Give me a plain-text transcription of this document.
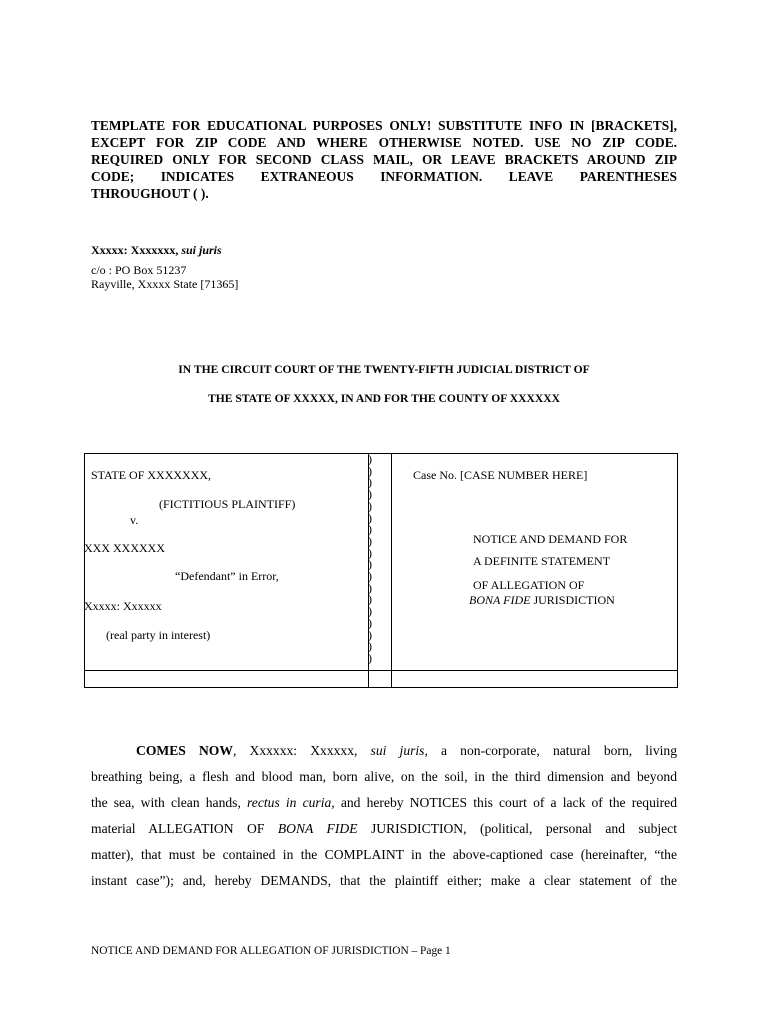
TEMPLATE FOR EDUCATIONAL PURPOSES ONLY! SUBSTITUTE INFO IN [BRACKETS],
EXCEPT FOR ZIP CODE AND WHERE OTHERWISE NOTED. USE NO ZIP CODE.
REQUIRED ONLY FOR SECOND CLASS MAIL, OR LEAVE BRACKETS AROUND ZIP
CODE; INDICATES EXTRANEOUS INFORMATION. LEAVE PARENTHESES
THROUGHOUT ( ).
Xxxxx: Xxxxxxx, sui juris
c/o : PO Box 51237
Rayville, Xxxxx State [71365]
IN THE CIRCUIT COURT OF THE TWENTY-FIFTH JUDICIAL DISTRICT OF
THE STATE OF XXXXX, IN AND FOR THE COUNTY OF XXXXXX
)
)
)
)
)
)
)
)
)
)
)
)
)
)
)
)
)
)
STATE OF XXXXXXX,
(FICTITIOUS PLAINTIFF)
v.
XXX XXXXXX
“Defendant” in Error,
Xxxxx: Xxxxxx
(real party in interest)
Case No. [CASE NUMBER HERE]
NOTICE AND DEMAND FOR
A DEFINITE STATEMENT
OF ALLEGATION OF
BONA FIDE JURISDICTION
COMES NOW, Xxxxxx: Xxxxxx, sui juris, a non-corporate, natural born, living
breathing being, a flesh and blood man, born alive, on the soil, in the third dimension and beyond
the sea, with clean hands, rectus in curia, and hereby NOTICES this court of a lack of the required
material ALLEGATION OF BONA FIDE JURISDICTION, (political, personal and subject
matter), that must be contained in the COMPLAINT in the above-captioned case (hereinafter, “the
instant case”); and, hereby DEMANDS, that the plaintiff either; make a clear statement of the
NOTICE AND DEMAND FOR ALLEGATION OF JURISDICTION – Page 1
